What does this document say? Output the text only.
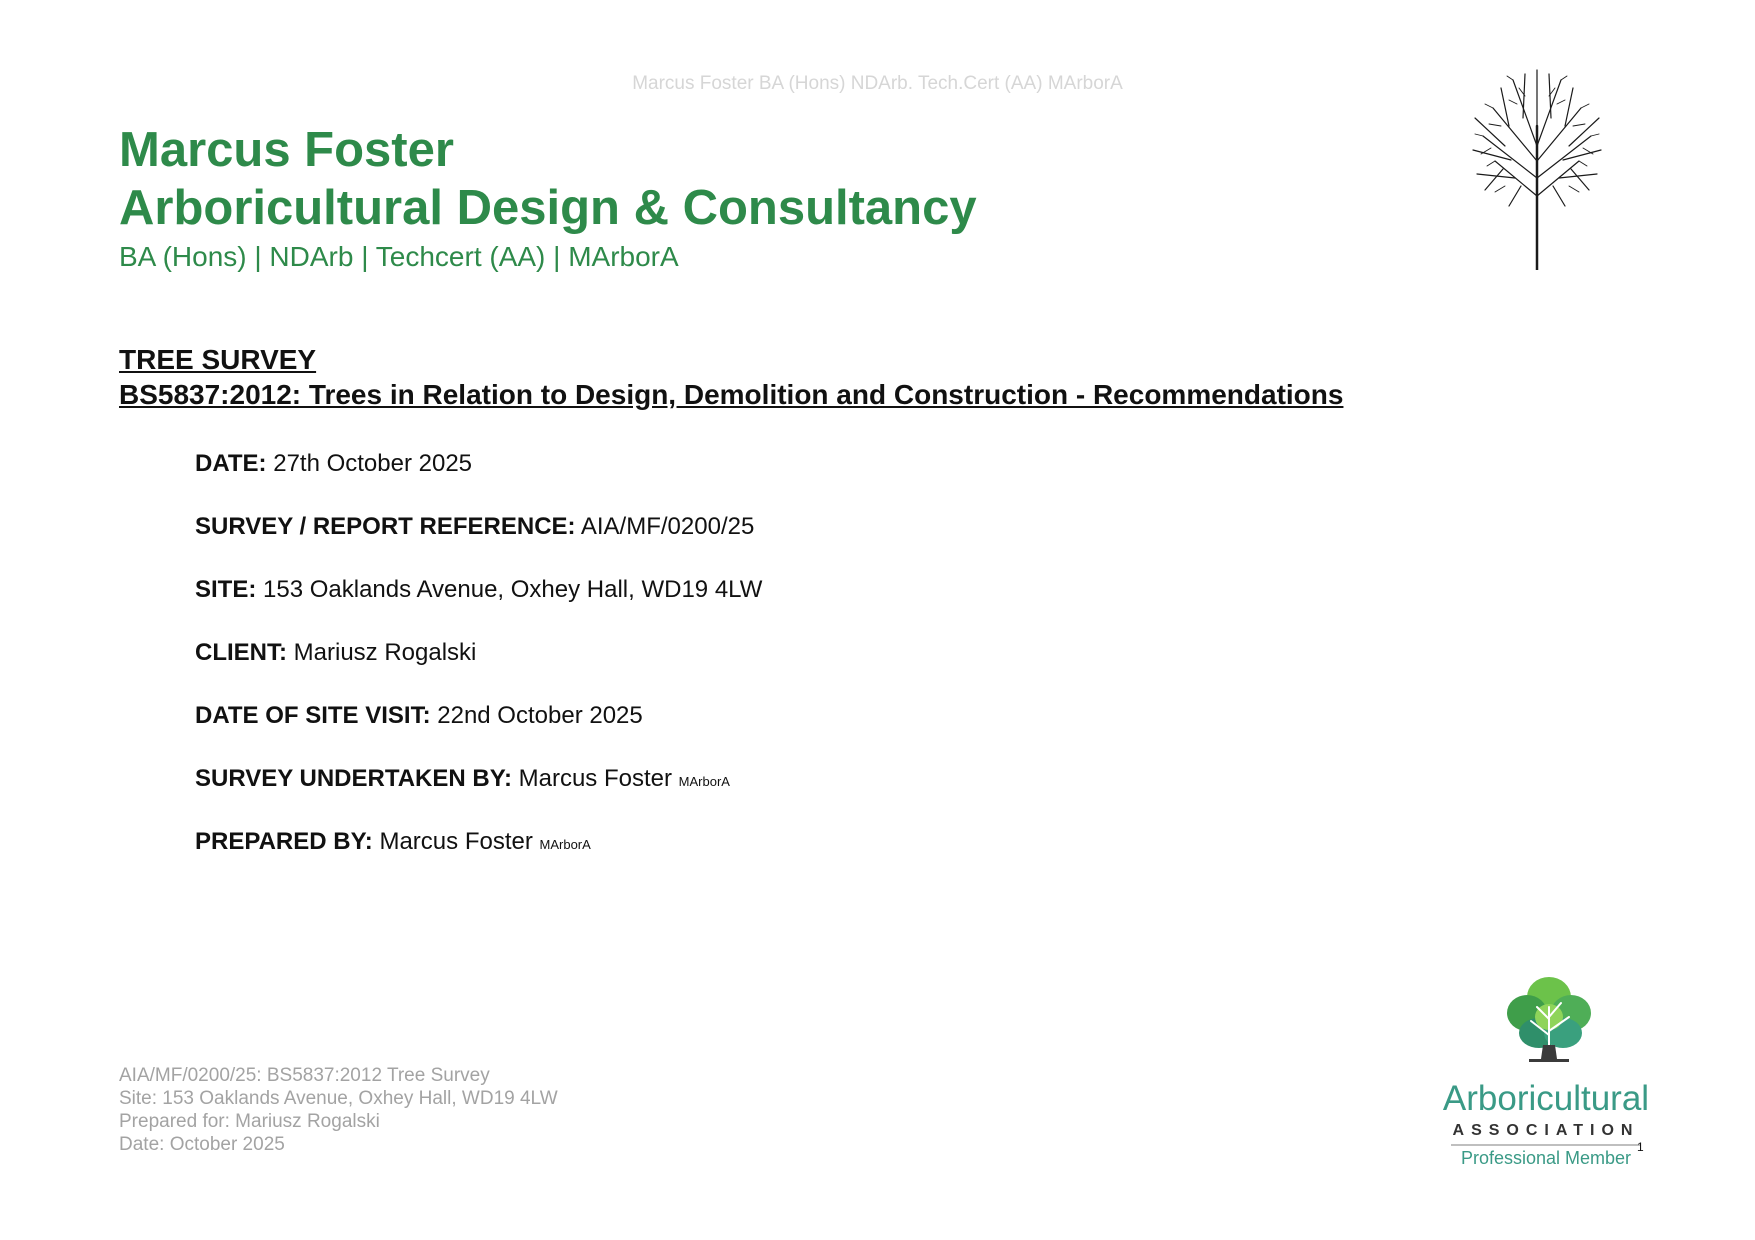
Marcus Foster BA (Hons) NDArb. Tech.Cert (AA) MArborA
Marcus Foster
Arboricultural Design & Consultancy
BA (Hons) | NDArb | Techcert (AA) | MArborA
TREE SURVEY
BS5837:2012: Trees in Relation to Design, Demolition and Construction - Recommendations
DATE: 27th October 2025
SURVEY / REPORT REFERENCE: AIA/MF/0200/25
SITE: 153 Oaklands Avenue, Oxhey Hall, WD19 4LW
CLIENT: Mariusz Rogalski
DATE OF SITE VISIT: 22nd October 2025
SURVEY UNDERTAKEN BY: Marcus Foster MArborA
PREPARED BY: Marcus Foster MArborA
AIA/MF/0200/25: BS5837:2012 Tree Survey
Site: 153 Oaklands Avenue, Oxhey Hall, WD19 4LW
Prepared for: Mariusz Rogalski
Date: October 2025
Arboricultural
ASSOCIATION
Professional Member
1
